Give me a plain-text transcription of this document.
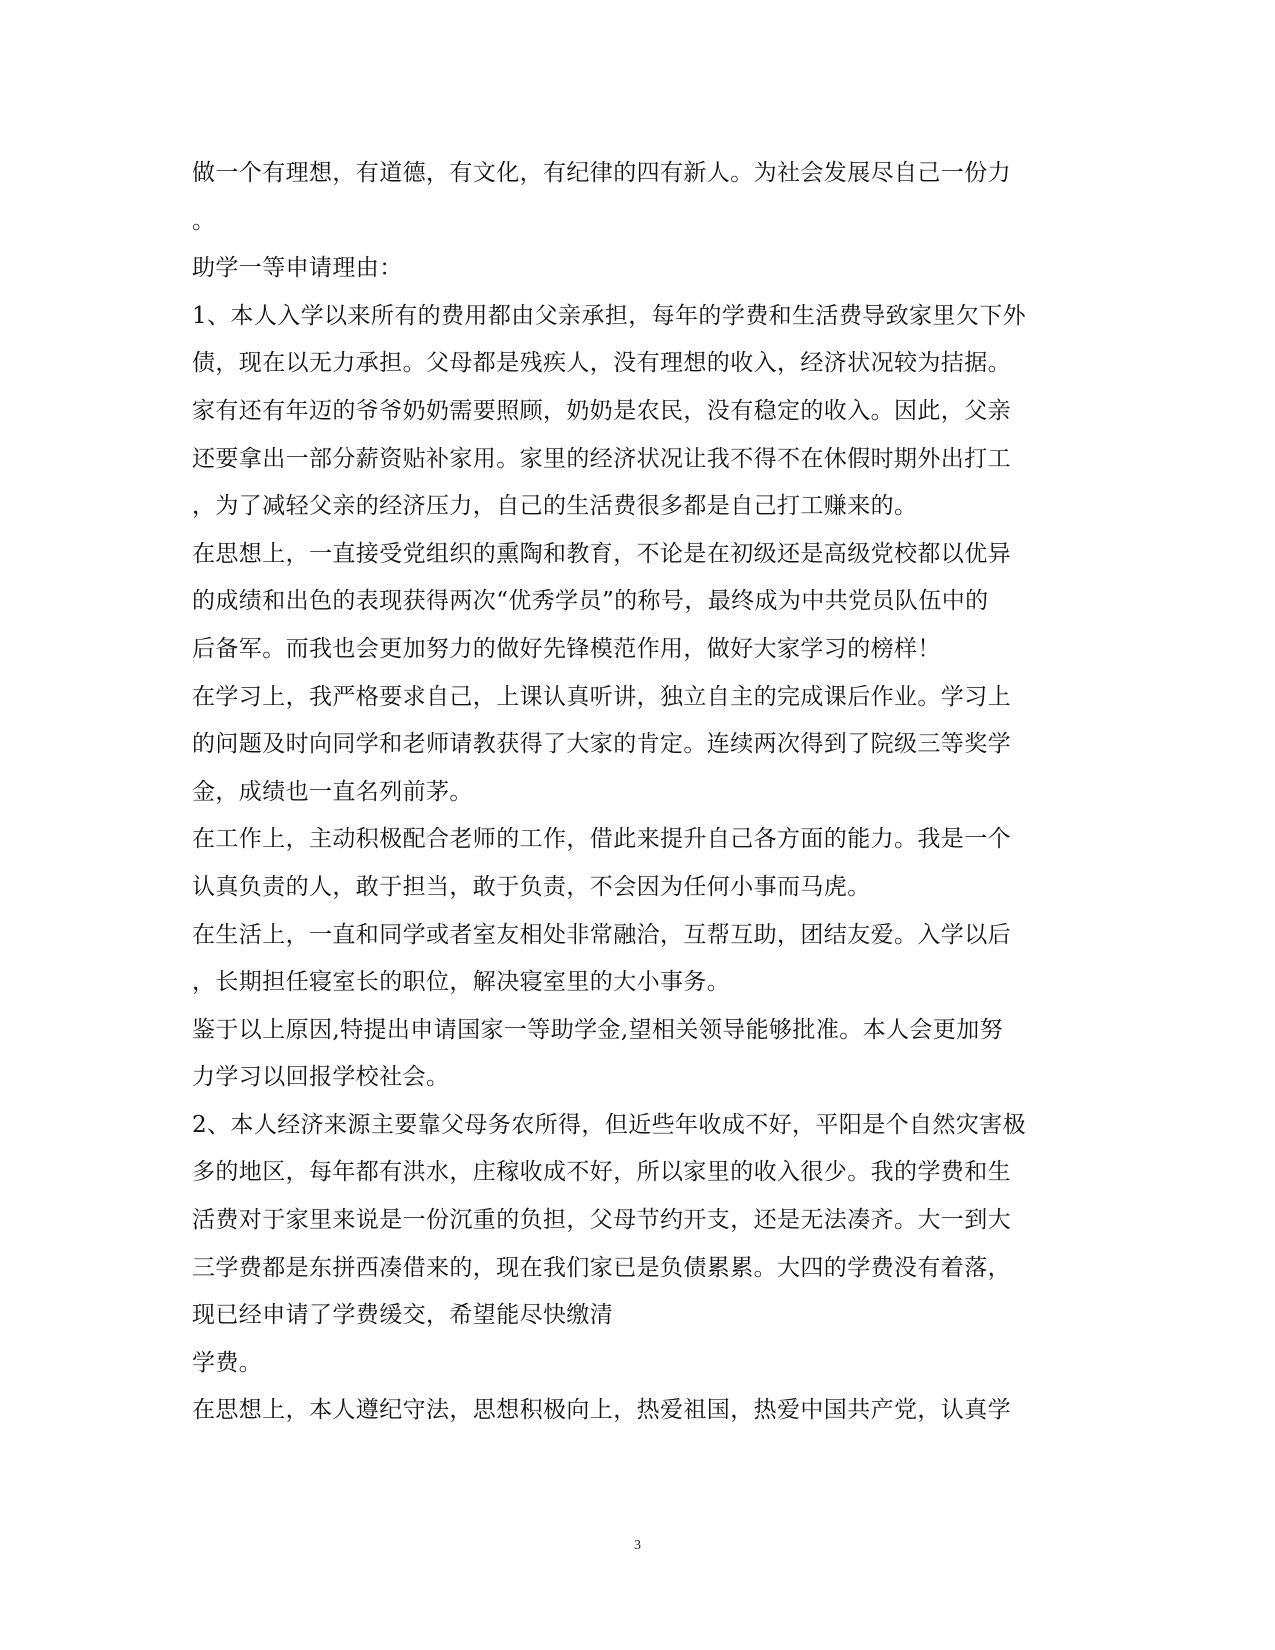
做一个有理想，有道德，有文化，有纪律的四有新人。为社会发展尽自己一份力
。
助学一等申请理由：
1、本人入学以来所有的费用都由父亲承担，每年的学费和生活费导致家里欠下外
债，现在以无力承担。父母都是残疾人，没有理想的收入，经济状况较为拮据。
家有还有年迈的爷爷奶奶需要照顾，奶奶是农民，没有稳定的收入。因此，父亲
还要拿出一部分薪资贴补家用。家里的经济状况让我不得不在休假时期外出打工
，为了减轻父亲的经济压力，自己的生活费很多都是自己打工赚来的。
在思想上，一直接受党组织的熏陶和教育，不论是在初级还是高级党校都以优异
的成绩和出色的表现获得两次“优秀学员”的称号，最终成为中共党员队伍中的
后备军。而我也会更加努力的做好先锋模范作用，做好大家学习的榜样！
在学习上，我严格要求自己，上课认真听讲，独立自主的完成课后作业。学习上
的问题及时向同学和老师请教获得了大家的肯定。连续两次得到了院级三等奖学
金，成绩也一直名列前茅。
在工作上，主动积极配合老师的工作，借此来提升自己各方面的能力。我是一个
认真负责的人，敢于担当，敢于负责，不会因为任何小事而马虎。
在生活上，一直和同学或者室友相处非常融洽，互帮互助，团结友爱。入学以后
，长期担任寝室长的职位，解决寝室里的大小事务。
鉴于以上原因,特提出申请国家一等助学金,望相关领导能够批准。本人会更加努
力学习以回报学校社会。
2、本人经济来源主要靠父母务农所得，但近些年收成不好，平阳是个自然灾害极
多的地区，每年都有洪水，庄稼收成不好，所以家里的收入很少。我的学费和生
活费对于家里来说是一份沉重的负担，父母节约开支，还是无法凑齐。大一到大
三学费都是东拼西凑借来的，现在我们家已是负债累累。大四的学费没有着落，
现已经申请了学费缓交，希望能尽快缴清
学费。
在思想上，本人遵纪守法，思想积极向上，热爱祖国，热爱中国共产党，认真学
3
